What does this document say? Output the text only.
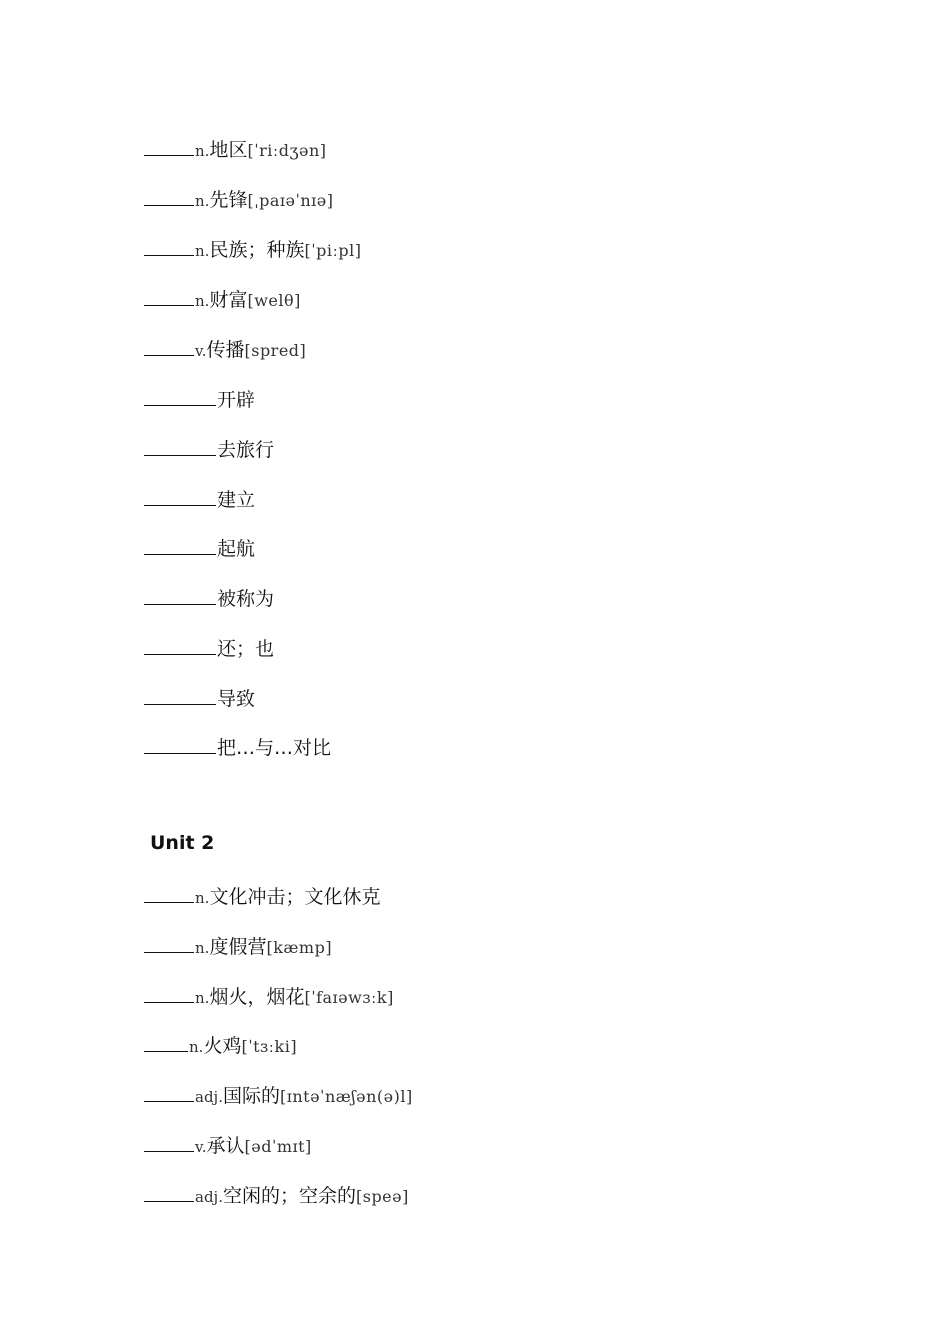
n.地区[ˈriːdʒən]
n.先锋[ˌpaɪəˈnɪə]
n.民族；种族[ˈpiːpl]
n.财富[welθ]
v.传播[spred]
开辟
去旅行
建立
起航
被称为
还；也
导致
把…与…对比
Unit 2
n.文化冲击；文化休克
n.度假营[kæmp]
n.烟火，烟花[ˈfaɪəwɜːk]
n.火鸡[ˈtɜːki]
adj.国际的[ɪntəˈnæʃən(ə)l]
v.承认[ədˈmɪt]
adj.空闲的；空余的[speə]
